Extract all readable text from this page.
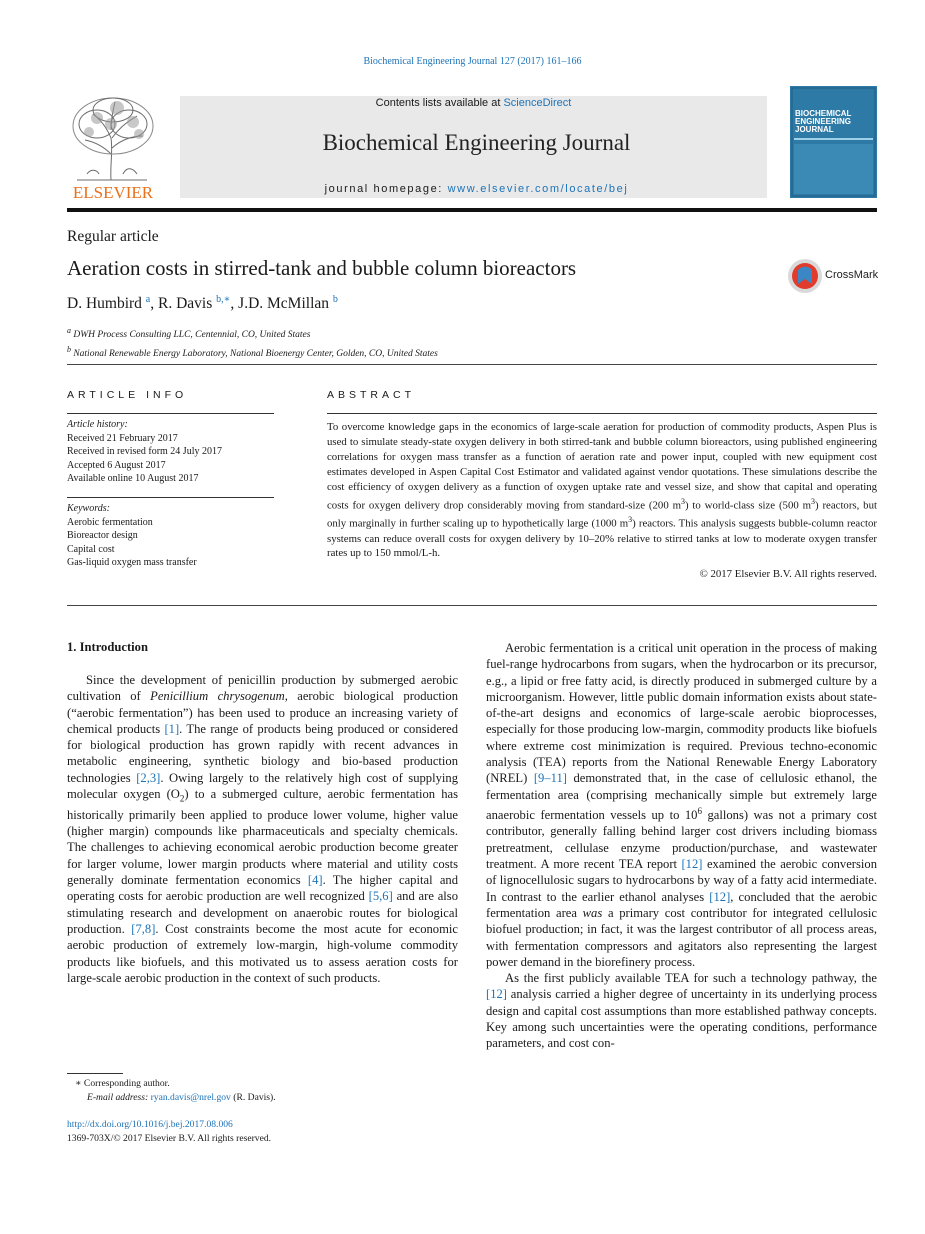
Biochemical Engineering Journal 127 (2017) 161–166
ELSEVIER
Contents lists available at ScienceDirect
Biochemical Engineering Journal
journal homepage: www.elsevier.com/locate/bej
BIOCHEMICAL ENGINEERING JOURNAL
Regular article
Aeration costs in stirred-tank and bubble column bioreactors	CrossMark
D. Humbird $^a$, R. Davis $^{b,∗}$, J.D. McMillan $^b$
$^a$ DWH Process Consulting LLC, Centennial, CO, United States
$^b$ National Renewable Energy Laboratory, National Bioenergy Center, Golden, CO, United States
ARTICLE INFO
Article history:
Received 21 February 2017
Received in revised form 24 July 2017
Accepted 6 August 2017
Available online 10 August 2017
Keywords:
Aerobic fermentation
Bioreactor design
Capital cost
Gas-liquid oxygen mass transfer
ABSTRACT
To overcome knowledge gaps in the economics of large-scale aeration for production of commodity products, Aspen Plus is used to simulate steady-state oxygen delivery in both stirred-tank and bubble column bioreactors, using published engineering correlations for oxygen mass transfer as a function of aeration rate and power input, coupled with new equipment cost estimates developed in Aspen Capital Cost Estimator and validated against vendor quotations. These simulations describe the cost efficiency of oxygen delivery as a function of oxygen uptake rate and vessel size, and show that capital and operating costs for oxygen delivery drop considerably moving from standard-size (200 $m^3$) to world-class size (500 $m^3$) reactors, but only marginally in further scaling up to hypothetically large (1000 $m^3$) reactors. This analysis suggests bubble-column reactor systems can reduce overall costs for oxygen delivery by 10–20% relative to stirred tanks at low to moderate oxygen transfer rates up to 150 mmol/L-h.
© 2017 Elsevier B.V. All rights reserved.
1. Introduction

Since the development of penicillin production by submerged aerobic cultivation of Penicillium chrysogenum, aerobic biological production (“aerobic fermentation”) has been used to produce an increasing variety of chemical products [1]. The range of products being produced or considered for biological production has grown rapidly with recent advances in metabolic engineering, synthetic biology and bio-based production technologies [2,3]. Owing largely to the relatively high cost of supplying molecular oxygen $(O_2)$ to a submerged culture, aerobic fermentation has historically primarily been applied to produce lower volume, higher value (higher margin) compounds like pharmaceuticals and specialty chemicals. The challenges to achieving economical aerobic production become greater for larger volume, lower margin products where material and utility costs generally dominate fermentation economics [4]. The higher capital and operating costs for aerobic production are well recognized [5,6] and are also stimulating research and development on anaerobic routes for biological production. [7,8]. Cost constraints become the most acute for economic aerobic production of extremely low-margin, high-volume commodity products like biofuels, and this motivated us to assess aeration costs for large-scale aerobic production in the context of such products.

Aerobic fermentation is a critical unit operation in the process of making fuel-range hydrocarbons from sugars, when the hydrocarbon or its precursor, e.g., a lipid or free fatty acid, is directly produced in submerged culture by a microorganism. However, little public domain information exists about state-of-the-art designs and economics of large-scale aerobic bioprocesses, especially for those producing low-margin, commodity products like biofuels where extreme cost minimization is required. Previous techno-economic analysis (TEA) reports from the National Renewable Energy Laboratory (NREL) [9–11] demonstrated that, in the case of cellulosic ethanol, the fermentation area (comprising mechanically simple but extremely large anaerobic fermentation vessels up to $10^6$ gallons) was not a primary cost contributor, generally falling behind larger cost drivers including biomass pretreatment, cellulase enzyme production/purchase, and wastewater treatment. A more recent TEA report [12] examined the aerobic conversion of lignocellulosic sugars to hydrocarbons by way of a fatty acid intermediate. In contrast to the earlier ethanol analyses [12], concluded that the aerobic fermentation area was a primary cost contributor for integrated cellulosic biofuel production; in fact, it was the largest contributor of all process areas, with fermentation compressors and agitators also representing the largest power demand in the biorefinery process.

As the first publicly available TEA for such a technology pathway, the [12] analysis carried a higher degree of uncertainty in its underlying process design and capital cost assumptions than more established pathway concepts. Key among such uncertainties were the operating conditions, performance parameters, and cost con-

∗ Corresponding author.
E-mail address: ryan.davis@nrel.gov (R. Davis).
http://dx.doi.org/10.1016/j.bej.2017.08.006
1369-703X/© 2017 Elsevier B.V. All rights reserved.
